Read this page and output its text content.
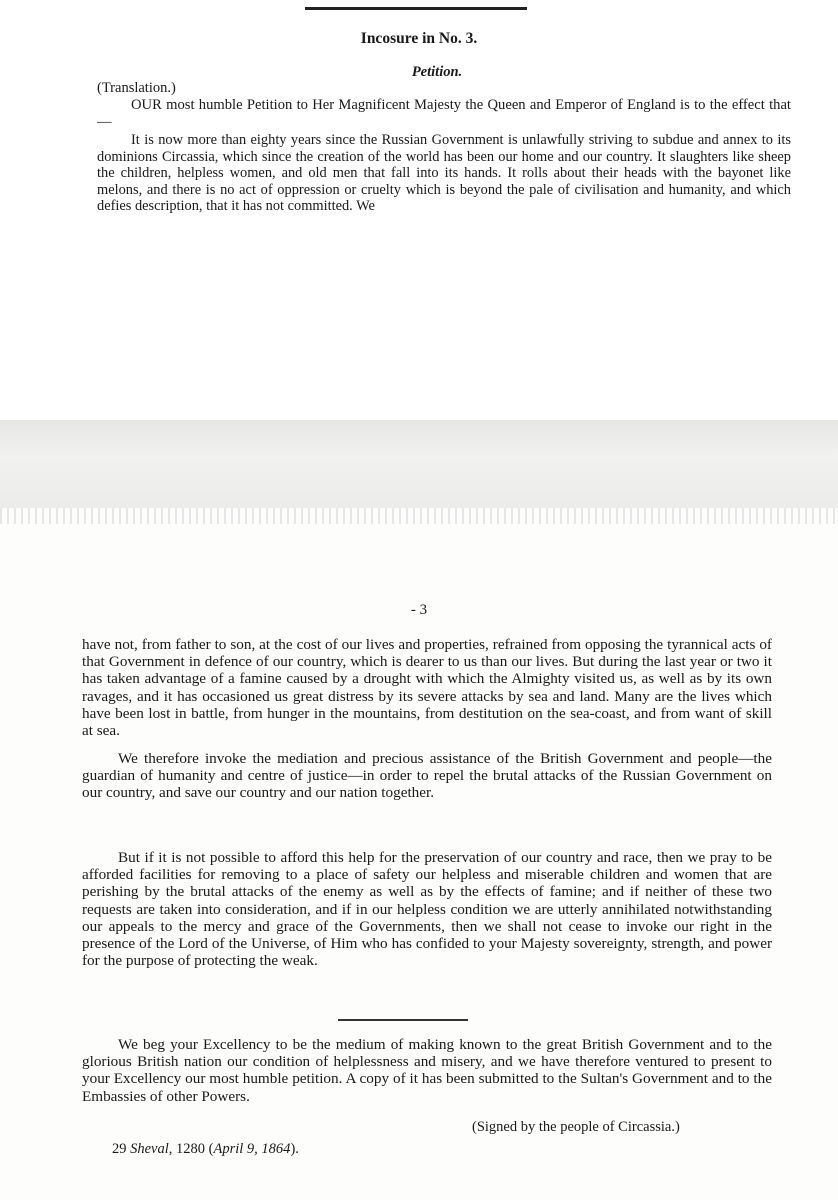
Incosure in No. 3.
Petition.
(Translation.)

OUR most humble Petition to Her Magnificent Majesty the Queen and Emperor of England is to the effect that—

It is now more than eighty years since the Russian Government is unlawfully striving to subdue and annex to its dominions Circassia, which since the creation of the world has been our home and our country. It slaughters like sheep the children, helpless women, and old men that fall into its hands. It rolls about their heads with the bayonet like melons, and there is no act of oppression or cruelty which is beyond the pale of civilisation and humanity, and which defies description, that it has not committed. We

- 3

have not, from father to son, at the cost of our lives and properties, refrained from opposing the tyrannical acts of that Government in defence of our country, which is dearer to us than our lives. But during the last year or two it has taken advantage of a famine caused by a drought with which the Almighty visited us, as well as by its own ravages, and it has occasioned us great distress by its severe attacks by sea and land. Many are the lives which have been lost in battle, from hunger in the mountains, from destitution on the sea-coast, and from want of skill at sea.

We therefore invoke the mediation and precious assistance of the British Government and people—the guardian of humanity and centre of justice—in order to repel the brutal attacks of the Russian Government on our country, and save our country and our nation together.

But if it is not possible to afford this help for the preservation of our country and race, then we pray to be afforded facilities for removing to a place of safety our helpless and miserable children and women that are perishing by the brutal attacks of the enemy as well as by the effects of famine; and if neither of these two requests are taken into consideration, and if in our helpless condition we are utterly annihilated notwithstanding our appeals to the mercy and grace of the Governments, then we shall not cease to invoke our right in the presence of the Lord of the Universe, of Him who has confided to your Majesty sovereignty, strength, and power for the purpose of protecting the weak.

We beg your Excellency to be the medium of making known to the great British Government and to the glorious British nation our condition of helplessness and misery, and we have therefore ventured to present to your Excellency our most humble petition. A copy of it has been submitted to the Sultan's Government and to the Embassies of other Powers.

(Signed by the people of Circassia.)
29 Sheval, 1280 (April 9, 1864).
